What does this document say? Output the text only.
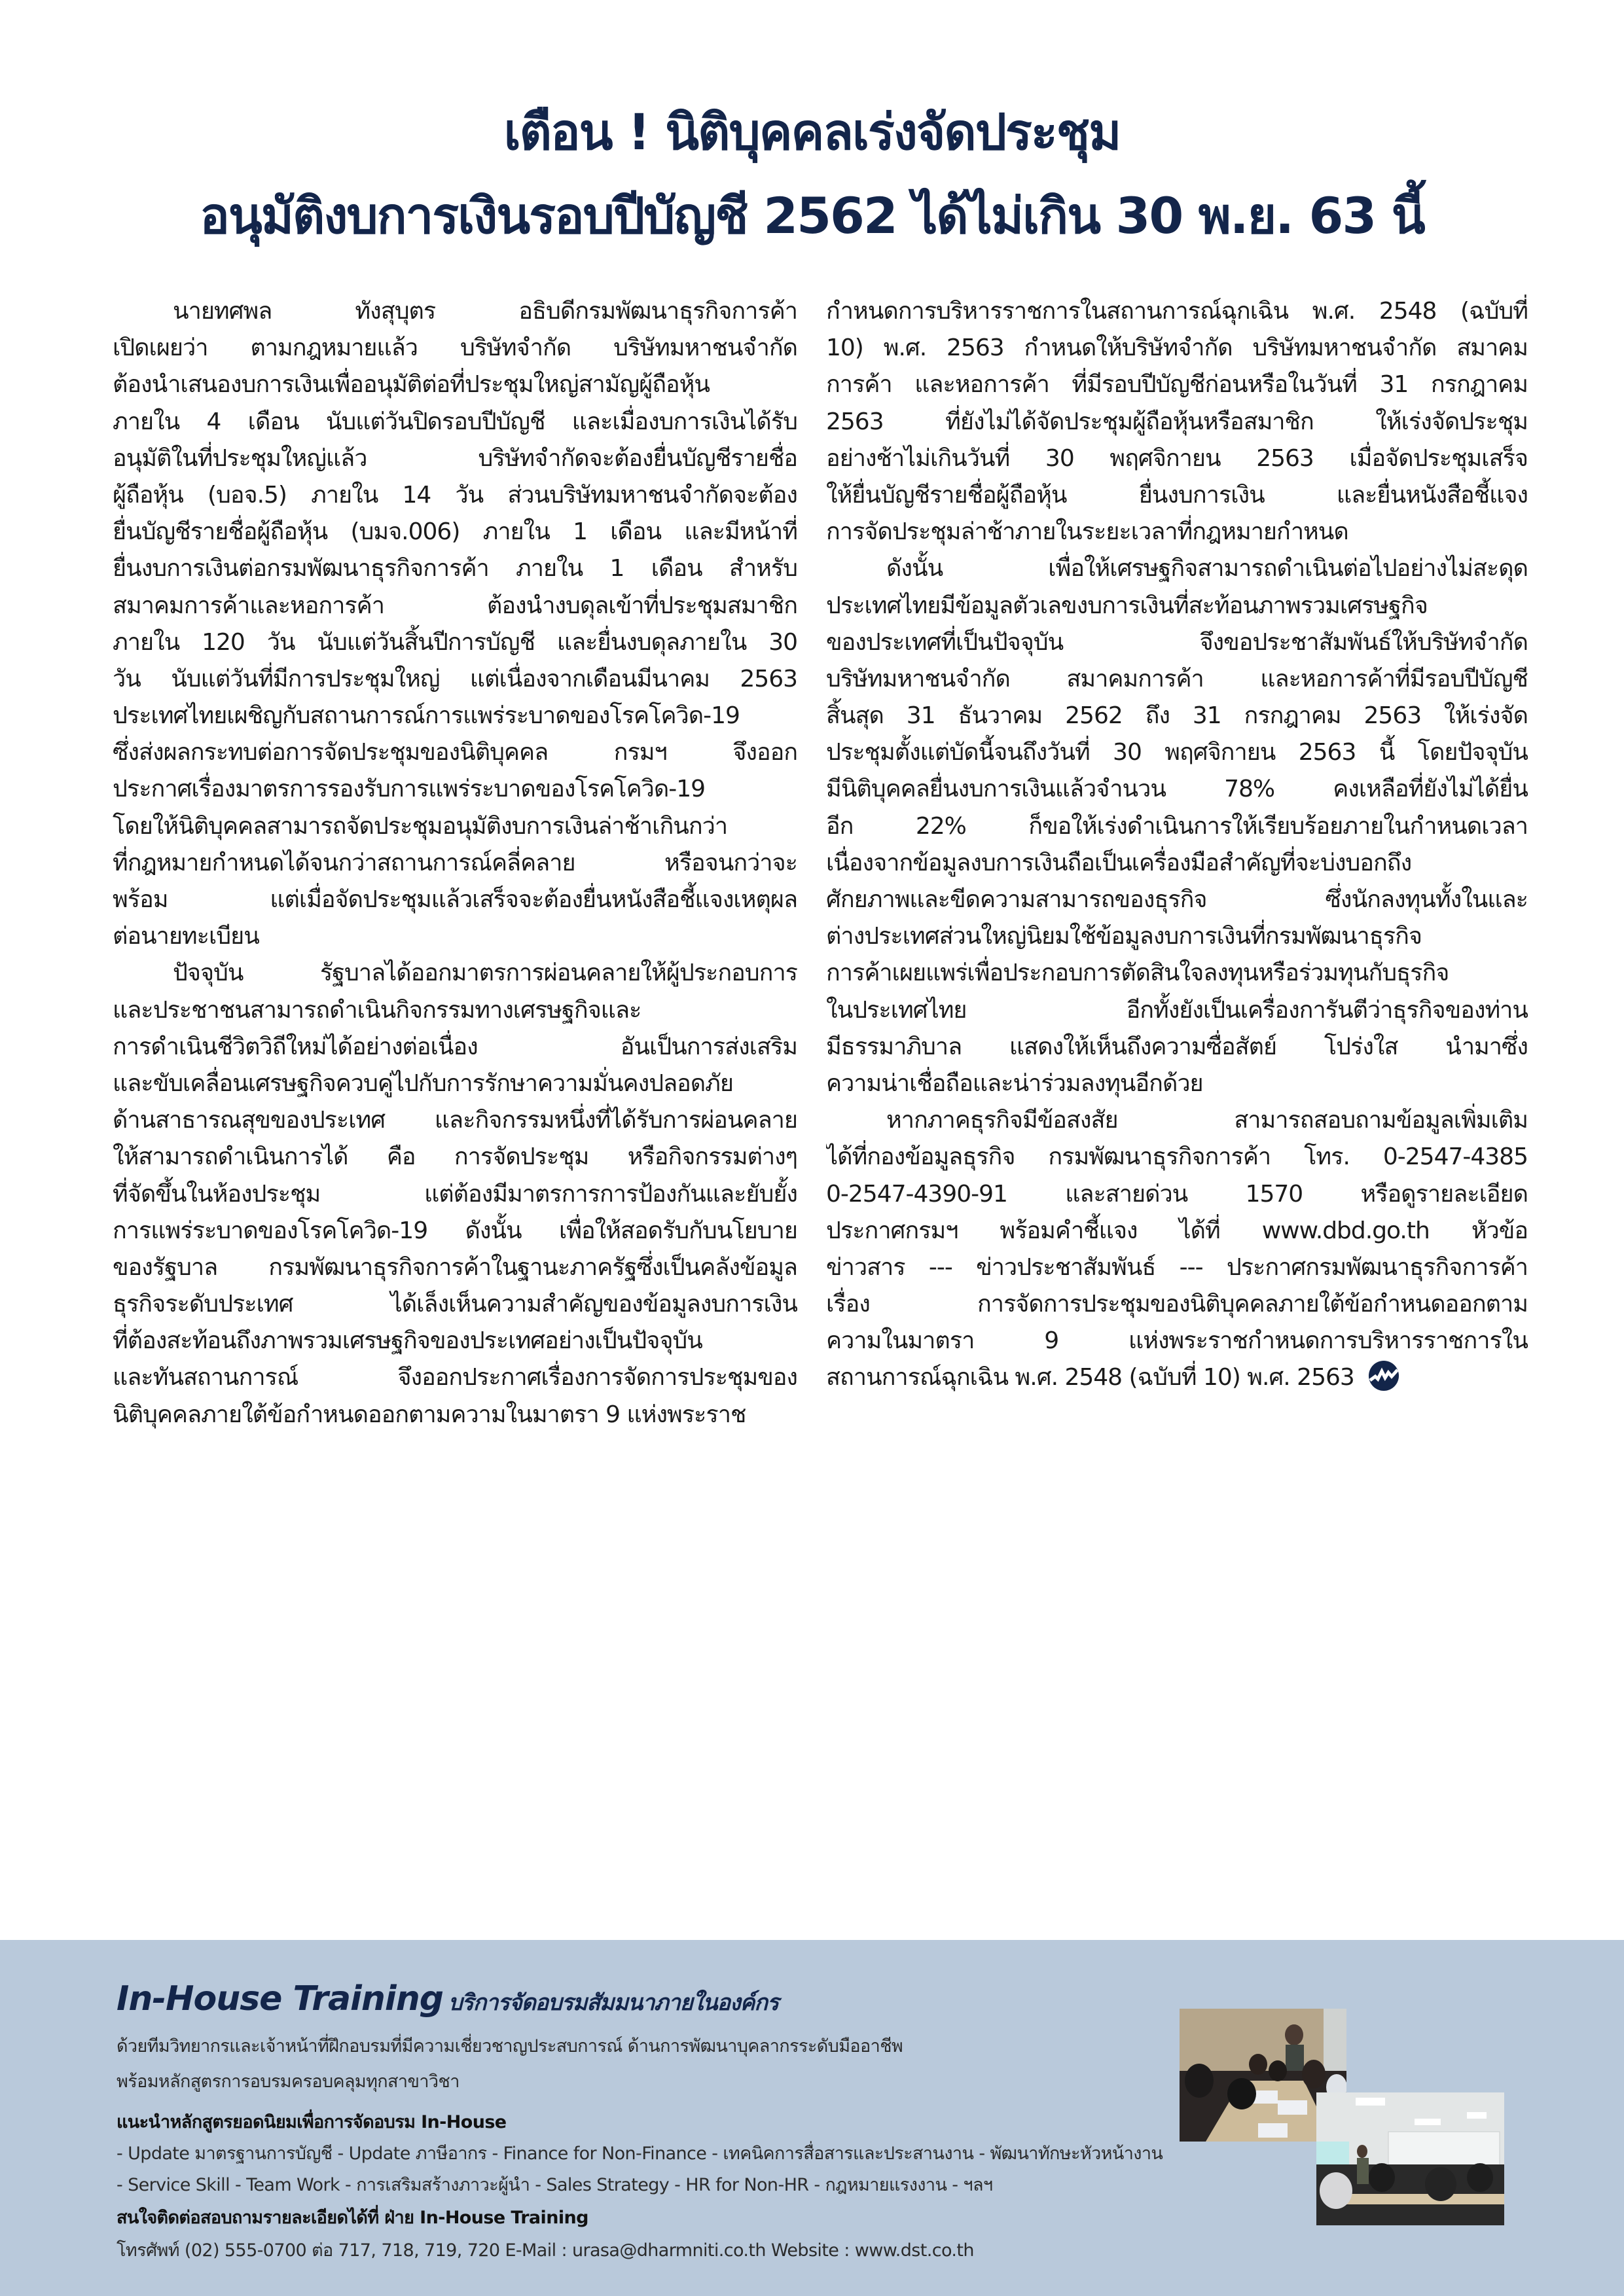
เตือน ! นิติบุคคลเร่งจัดประชุม
อนุมัติงบการเงินรอบปีบัญชี 2562 ได้ไม่เกิน 30 พ.ย. 63 นี้
นายทศพล ทังสุบุตร อธิบดีกรมพัฒนาธุรกิจการค้า
เปิดเผยว่า ตามกฎหมายแล้ว บริษัทจำกัด บริษัทมหาชนจำกัด
ต้องนำเสนองบการเงินเพื่ออนุมัติต่อที่ประชุมใหญ่สามัญผู้ถือหุ้น
ภายใน 4 เดือน นับแต่วันปิดรอบปีบัญชี และเมื่องบการเงินได้รับ
อนุมัติในที่ประชุมใหญ่แล้ว บริษัทจำกัดจะต้องยื่นบัญชีรายชื่อ
ผู้ถือหุ้น (บอจ.5) ภายใน 14 วัน ส่วนบริษัทมหาชนจำกัดจะต้อง
ยื่นบัญชีรายชื่อผู้ถือหุ้น (บมจ.006) ภายใน 1 เดือน และมีหน้าที่
ยื่นงบการเงินต่อกรมพัฒนาธุรกิจการค้า ภายใน 1 เดือน สำหรับ
สมาคมการค้าและหอการค้า ต้องนำงบดุลเข้าที่ประชุมสมาชิก
ภายใน 120 วัน นับแต่วันสิ้นปีการบัญชี และยื่นงบดุลภายใน 30
วัน นับแต่วันที่มีการประชุมใหญ่ แต่เนื่องจากเดือนมีนาคม 2563
ประเทศไทยเผชิญกับสถานการณ์การแพร่ระบาดของโรคโควิด-19
ซึ่งส่งผลกระทบต่อการจัดประชุมของนิติบุคคล กรมฯ จึงออก
ประกาศเรื่องมาตรการรองรับการแพร่ระบาดของโรคโควิด-19
โดยให้นิติบุคคลสามารถจัดประชุมอนุมัติงบการเงินล่าช้าเกินกว่า
ที่กฎหมายกำหนดได้จนกว่าสถานการณ์คลี่คลาย หรือจนกว่าจะ
พร้อม แต่เมื่อจัดประชุมแล้วเสร็จจะต้องยื่นหนังสือชี้แจงเหตุผล
ต่อนายทะเบียน
ปัจจุบัน รัฐบาลได้ออกมาตรการผ่อนคลายให้ผู้ประกอบการ
และประชาชนสามารถดำเนินกิจกรรมทางเศรษฐกิจและ
การดำเนินชีวิตวิถีใหม่ได้อย่างต่อเนื่อง อันเป็นการส่งเสริม
และขับเคลื่อนเศรษฐกิจควบคู่ไปกับการรักษาความมั่นคงปลอดภัย
ด้านสาธารณสุขของประเทศ และกิจกรรมหนึ่งที่ได้รับการผ่อนคลาย
ให้สามารถดำเนินการได้ คือ การจัดประชุม หรือกิจกรรมต่างๆ
ที่จัดขึ้นในห้องประชุม แต่ต้องมีมาตรการการป้องกันและยับยั้ง
การแพร่ระบาดของโรคโควิด-19 ดังนั้น เพื่อให้สอดรับกับนโยบาย
ของรัฐบาล กรมพัฒนาธุรกิจการค้าในฐานะภาครัฐซึ่งเป็นคลังข้อมูล
ธุรกิจระดับประเทศ ได้เล็งเห็นความสำคัญของข้อมูลงบการเงิน
ที่ต้องสะท้อนถึงภาพรวมเศรษฐกิจของประเทศอย่างเป็นปัจจุบัน
และทันสถานการณ์ จึงออกประกาศเรื่องการจัดการประชุมของ
นิติบุคคลภายใต้ข้อกำหนดออกตามความในมาตรา 9 แห่งพระราช
กำหนดการบริหารราชการในสถานการณ์ฉุกเฉิน พ.ศ. 2548 (ฉบับที่
10) พ.ศ. 2563 กำหนดให้บริษัทจำกัด บริษัทมหาชนจำกัด สมาคม
การค้า และหอการค้า ที่มีรอบปีบัญชีก่อนหรือในวันที่ 31 กรกฎาคม
2563 ที่ยังไม่ได้จัดประชุมผู้ถือหุ้นหรือสมาชิก ให้เร่งจัดประชุม
อย่างช้าไม่เกินวันที่ 30 พฤศจิกายน 2563 เมื่อจัดประชุมเสร็จ
ให้ยื่นบัญชีรายชื่อผู้ถือหุ้น ยื่นงบการเงิน และยื่นหนังสือชี้แจง
การจัดประชุมล่าช้าภายในระยะเวลาที่กฎหมายกำหนด
ดังนั้น เพื่อให้เศรษฐกิจสามารถดำเนินต่อไปอย่างไม่สะดุด
ประเทศไทยมีข้อมูลตัวเลขงบการเงินที่สะท้อนภาพรวมเศรษฐกิจ
ของประเทศที่เป็นปัจจุบัน จึงขอประชาสัมพันธ์ให้บริษัทจำกัด
บริษัทมหาชนจำกัด สมาคมการค้า และหอการค้าที่มีรอบปีบัญชี
สิ้นสุด 31 ธันวาคม 2562 ถึง 31 กรกฎาคม 2563 ให้เร่งจัด
ประชุมตั้งแต่บัดนี้จนถึงวันที่ 30 พฤศจิกายน 2563 นี้ โดยปัจจุบัน
มีนิติบุคคลยื่นงบการเงินแล้วจำนวน 78% คงเหลือที่ยังไม่ได้ยื่น
อีก 22% ก็ขอให้เร่งดำเนินการให้เรียบร้อยภายในกำหนดเวลา
เนื่องจากข้อมูลงบการเงินถือเป็นเครื่องมือสำคัญที่จะบ่งบอกถึง
ศักยภาพและขีดความสามารถของธุรกิจ ซึ่งนักลงทุนทั้งในและ
ต่างประเทศส่วนใหญ่นิยมใช้ข้อมูลงบการเงินที่กรมพัฒนาธุรกิจ
การค้าเผยแพร่เพื่อประกอบการตัดสินใจลงทุนหรือร่วมทุนกับธุรกิจ
ในประเทศไทย อีกทั้งยังเป็นเครื่องการันตีว่าธุรกิจของท่าน
มีธรรมาภิบาล แสดงให้เห็นถึงความซื่อสัตย์ โปร่งใส นำมาซึ่ง
ความน่าเชื่อถือและน่าร่วมลงทุนอีกด้วย
หากภาคธุรกิจมีข้อสงสัย สามารถสอบถามข้อมูลเพิ่มเติม
ได้ที่กองข้อมูลธุรกิจ กรมพัฒนาธุรกิจการค้า โทร. 0-2547-4385
0-2547-4390-91 และสายด่วน 1570 หรือดูรายละเอียด
ประกาศกรมฯ พร้อมคำชี้แจง ได้ที่ www.dbd.go.th หัวข้อ
ข่าวสาร --- ข่าวประชาสัมพันธ์ --- ประกาศกรมพัฒนาธุรกิจการค้า
เรื่อง การจัดการประชุมของนิติบุคคลภายใต้ข้อกำหนดออกตาม
ความในมาตรา 9 แห่งพระราชกำหนดการบริหารราชการใน
สถานการณ์ฉุกเฉิน พ.ศ. 2548 (ฉบับที่ 10) พ.ศ. 2563
In-House Training บริการจัดอบรมสัมมนาภายในองค์กร
ด้วยทีมวิทยากรและเจ้าหน้าที่ฝึกอบรมที่มีความเชี่ยวชาญประสบการณ์ ด้านการพัฒนาบุคลากรระดับมืออาชีพ
พร้อมหลักสูตรการอบรมครอบคลุมทุกสาขาวิชา
แนะนำหลักสูตรยอดนิยมเพื่อการจัดอบรม In-House
- Update มาตรฐานการบัญชี - Update ภาษีอากร - Finance for Non-Finance - เทคนิคการสื่อสารและประสานงาน - พัฒนาทักษะหัวหน้างาน
- Service Skill - Team Work - การเสริมสร้างภาวะผู้นำ - Sales Strategy - HR for Non-HR - กฎหมายแรงงาน - ฯลฯ
สนใจติดต่อสอบถามรายละเอียดได้ที่ ฝ่าย In-House Training
โทรศัพท์ (02) 555-0700 ต่อ 717, 718, 719, 720 E-Mail : urasa@dharmniti.co.th Website : www.dst.co.th
